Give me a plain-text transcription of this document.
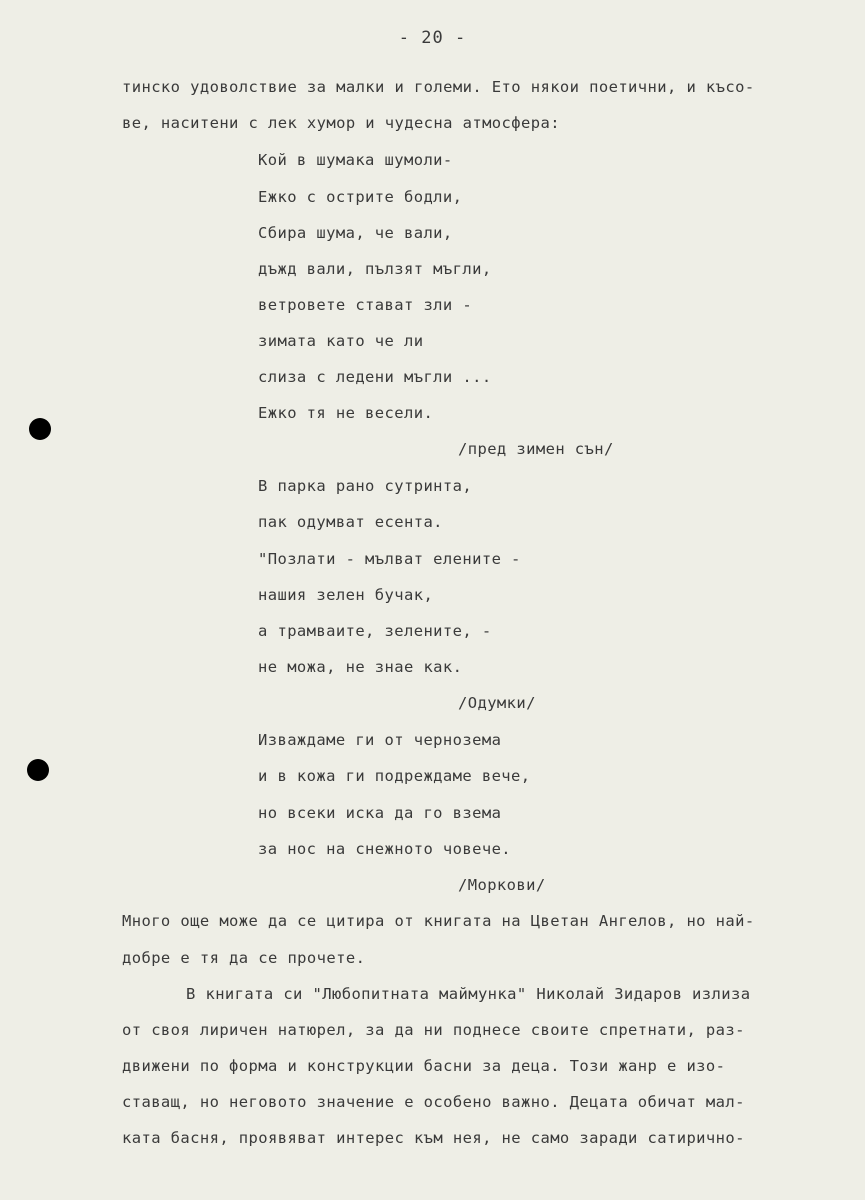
- 20 -
тинско удоволствие за малки и големи. Ето някои поетични, и късо-
ве, наситени с лек хумор и чудесна атмосфера:
Кой в шумака шумоли-
Ежко с острите бодли,
Сбира шума, че вали,
дъжд вали, пълзят мъгли,
ветровете стават зли -
зимата като че ли
слиза с ледени мъгли ...
Ежко тя не весели.
/пред зимен сън/
В парка рано сутринта,
пак одумват есента.
"Позлати - мълват елените -
нашия зелен бучак,
а трамваите, зелените, -
не можа, не знае как.
/Одумки/
Изваждаме ги от черноземa
и в кожа ги подреждаме вече,
но всеки иска да го взема
за нос на снежното човече.
/Моркови/
Много още може да се цитира от книгата на Цветан Ангелов, но най-
добре е тя да се прочете.
В книгата си "Любопитната маймунка" Николай Зидаров излиза
от своя лиричен натюрел, за да ни поднесе своите спретнати, раз-
движени по форма и конструкции басни за деца. Този жанр е изо-
ставащ, но неговото значение е особено важно. Децата обичат мал-
ката басня, проявяват интерес към нея, не само заради сатирично-
